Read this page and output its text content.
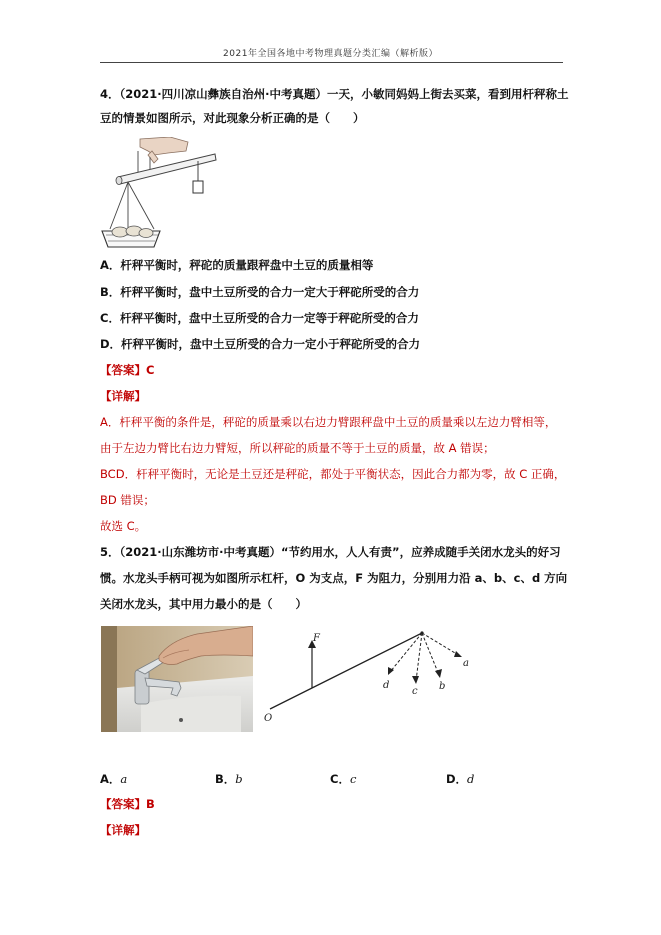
2021年全国各地中考物理真题分类汇编（解析版）
4．（2021·四川凉山彝族自治州·中考真题）一天，小敏同妈妈上街去买菜，看到用杆秤称土
豆的情景如图所示，对此现象分析正确的是（　　）
A．杆秤平衡时，秤砣的质量跟秤盘中土豆的质量相等
B．杆秤平衡时，盘中土豆所受的合力一定大于秤砣所受的合力
C．杆秤平衡时，盘中土豆所受的合力一定等于秤砣所受的合力
D．杆秤平衡时，盘中土豆所受的合力一定小于秤砣所受的合力
【答案】C
【详解】
A．杆秤平衡的条件是，秤砣的质量乘以右边力臂跟秤盘中土豆的质量乘以左边力臂相等，
由于左边力臂比右边力臂短，所以秤砣的质量不等于土豆的质量，故 A 错误；
BCD．杆秤平衡时，无论是土豆还是秤砣，都处于平衡状态，因此合力都为零，故 C 正确，
BD 错误；
故选 C。
5．（2021·山东潍坊市·中考真题）“节约用水，人人有责”，应养成随手关闭水龙头的好习
惯。水龙头手柄可视为如图所示杠杆，O 为支点，F 为阻力，分别用力沿 a、b、c、d 方向
关闭水龙头，其中用力最小的是（　　）
F
O
a
b
c
d
A．a	B．b	C．c	D．d
【答案】B
【详解】
